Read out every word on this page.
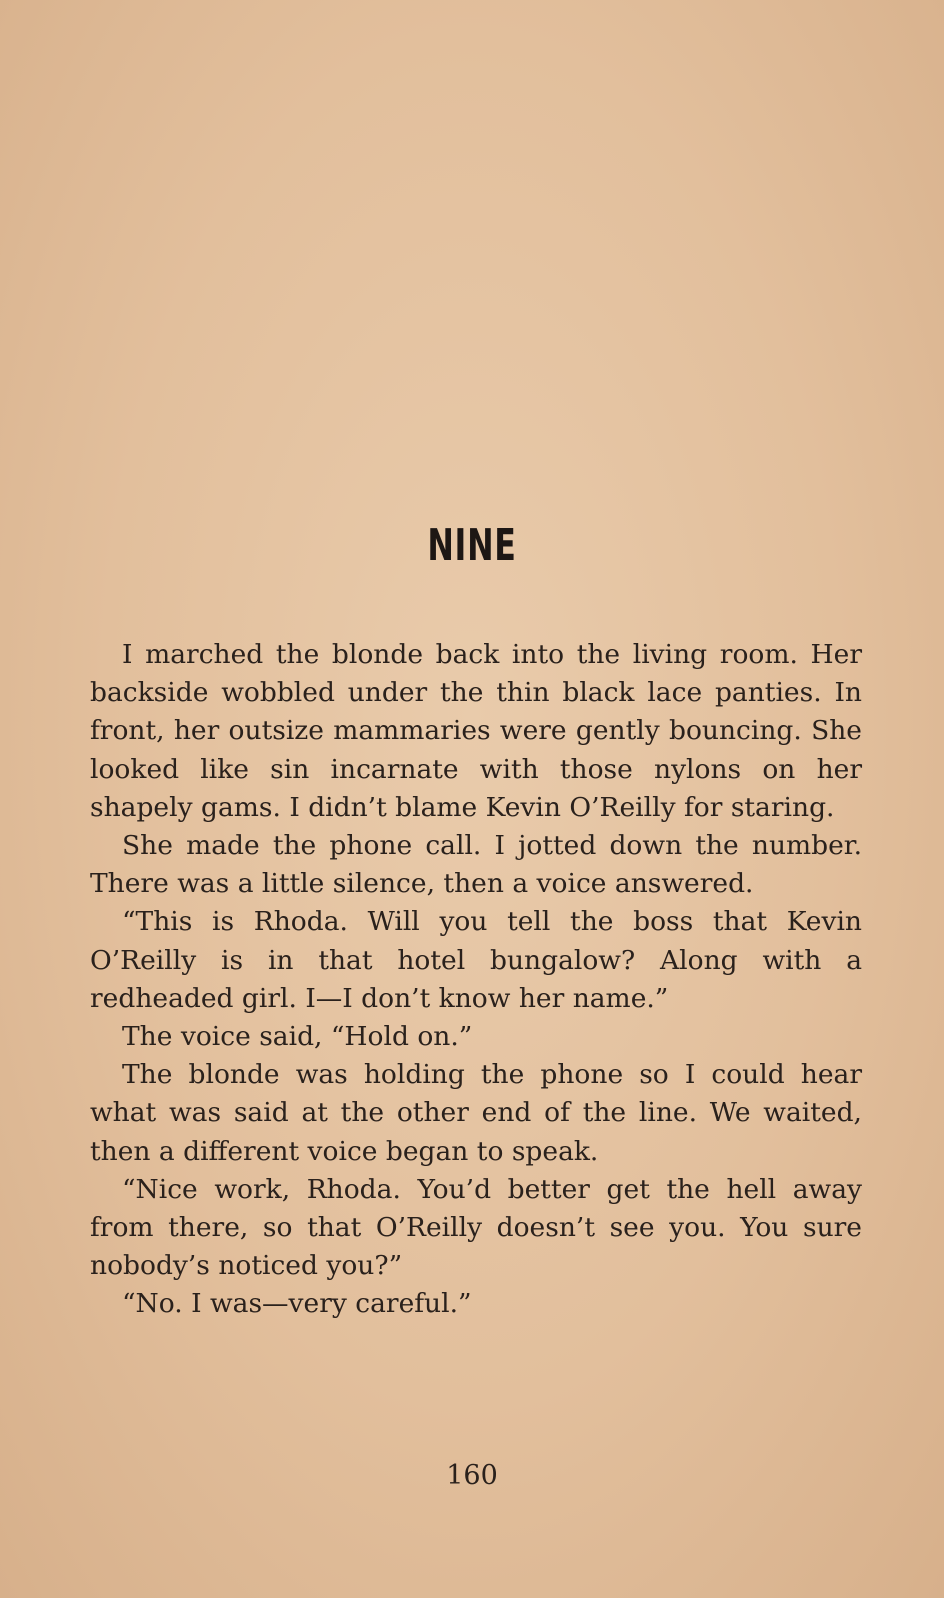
NINE

I marched the blonde back into the living room. Her backside wobbled under the thin black lace panties. In front, her outsize mammaries were gently bouncing. She looked like sin incarnate with those nylons on her shapely gams. I didn’t blame Kevin O’Reilly for staring.

She made the phone call. I jotted down the number. There was a little silence, then a voice answered.

“This is Rhoda. Will you tell the boss that Kevin O’Reilly is in that hotel bungalow? Along with a redheaded girl. I—I don’t know her name.”

The voice said, “Hold on.”

The blonde was holding the phone so I could hear what was said at the other end of the line. We waited, then a different voice began to speak.

“Nice work, Rhoda. You’d better get the hell away from there, so that O’Reilly doesn’t see you. You sure nobody’s noticed you?”

“No. I was—very careful.”

160
